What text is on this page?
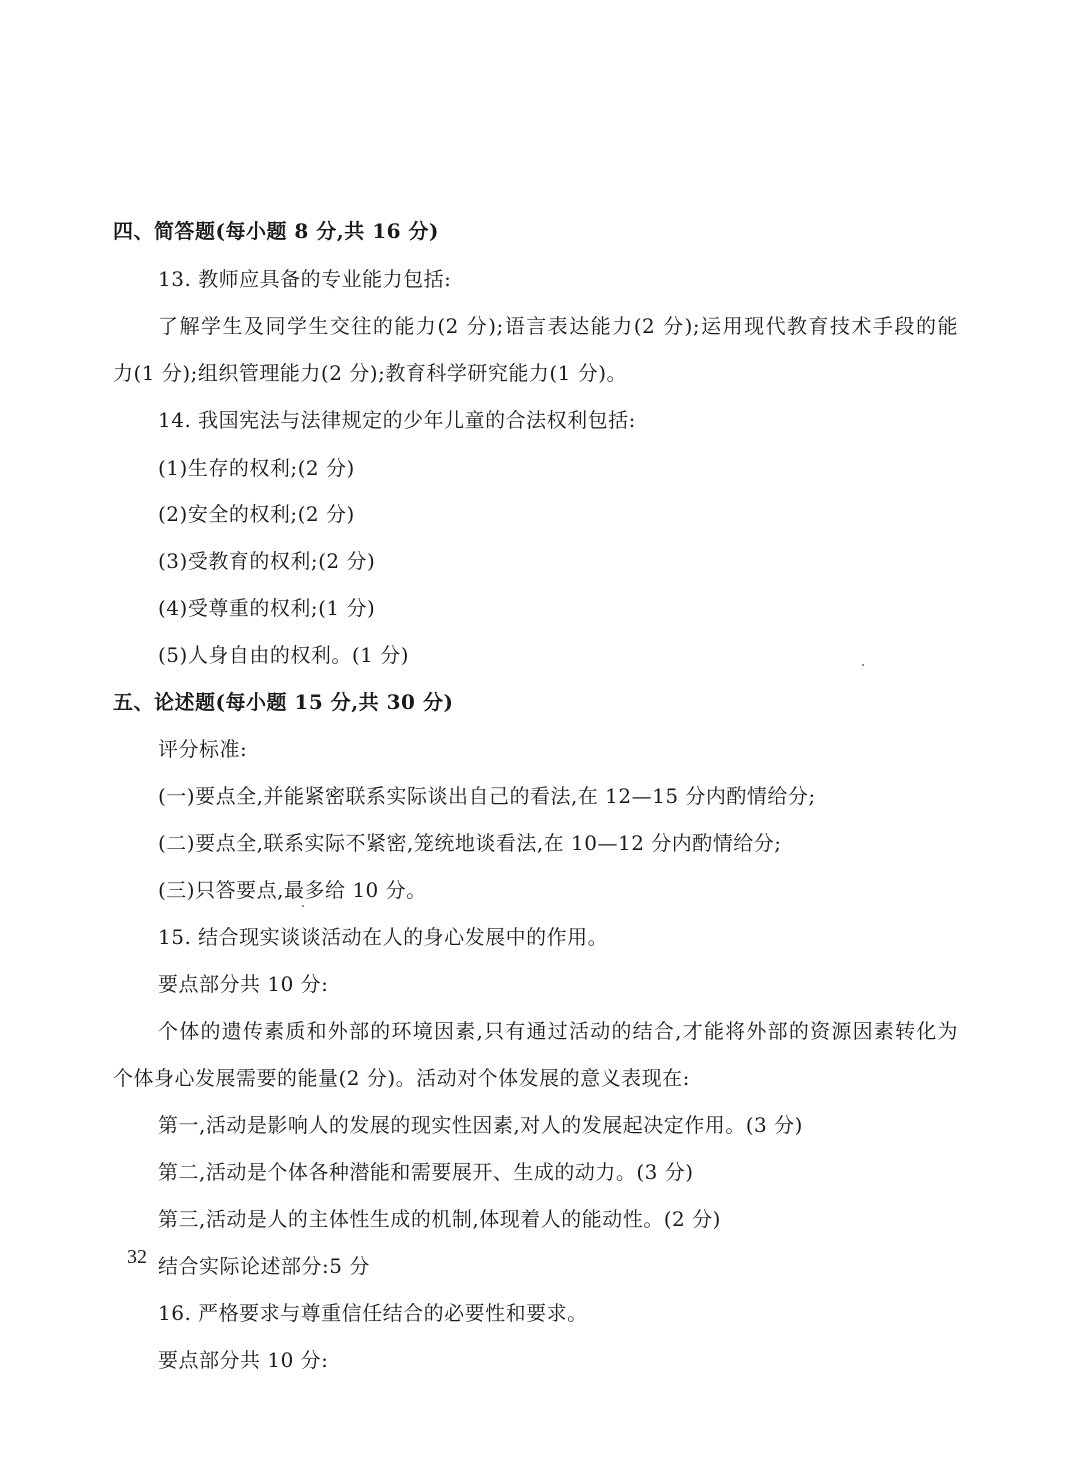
四、简答题(每小题 8 分,共 16 分)
13. 教师应具备的专业能力包括:
了解学生及同学生交往的能力(2 分);语言表达能力(2 分);运用现代教育技术手段的能
力(1 分);组织管理能力(2 分);教育科学研究能力(1 分)。
14. 我国宪法与法律规定的少年儿童的合法权利包括:
(1)生存的权利;(2 分)
(2)安全的权利;(2 分)
(3)受教育的权利;(2 分)
(4)受尊重的权利;(1 分)
(5)人身自由的权利。(1 分)
五、论述题(每小题 15 分,共 30 分)
评分标准:
(一)要点全,并能紧密联系实际谈出自己的看法,在 12—15 分内酌情给分;
(二)要点全,联系实际不紧密,笼统地谈看法,在 10—12 分内酌情给分;
(三)只答要点,最多给 10 分。
15. 结合现实谈谈活动在人的身心发展中的作用。
要点部分共 10 分:
个体的遗传素质和外部的环境因素,只有通过活动的结合,才能将外部的资源因素转化为
个体身心发展需要的能量(2 分)。活动对个体发展的意义表现在:
第一,活动是影响人的发展的现实性因素,对人的发展起决定作用。(3 分)
第二,活动是个体各种潜能和需要展开、生成的动力。(3 分)
第三,活动是人的主体性生成的机制,体现着人的能动性。(2 分)
结合实际论述部分:5 分
16. 严格要求与尊重信任结合的必要性和要求。
要点部分共 10 分:
32
